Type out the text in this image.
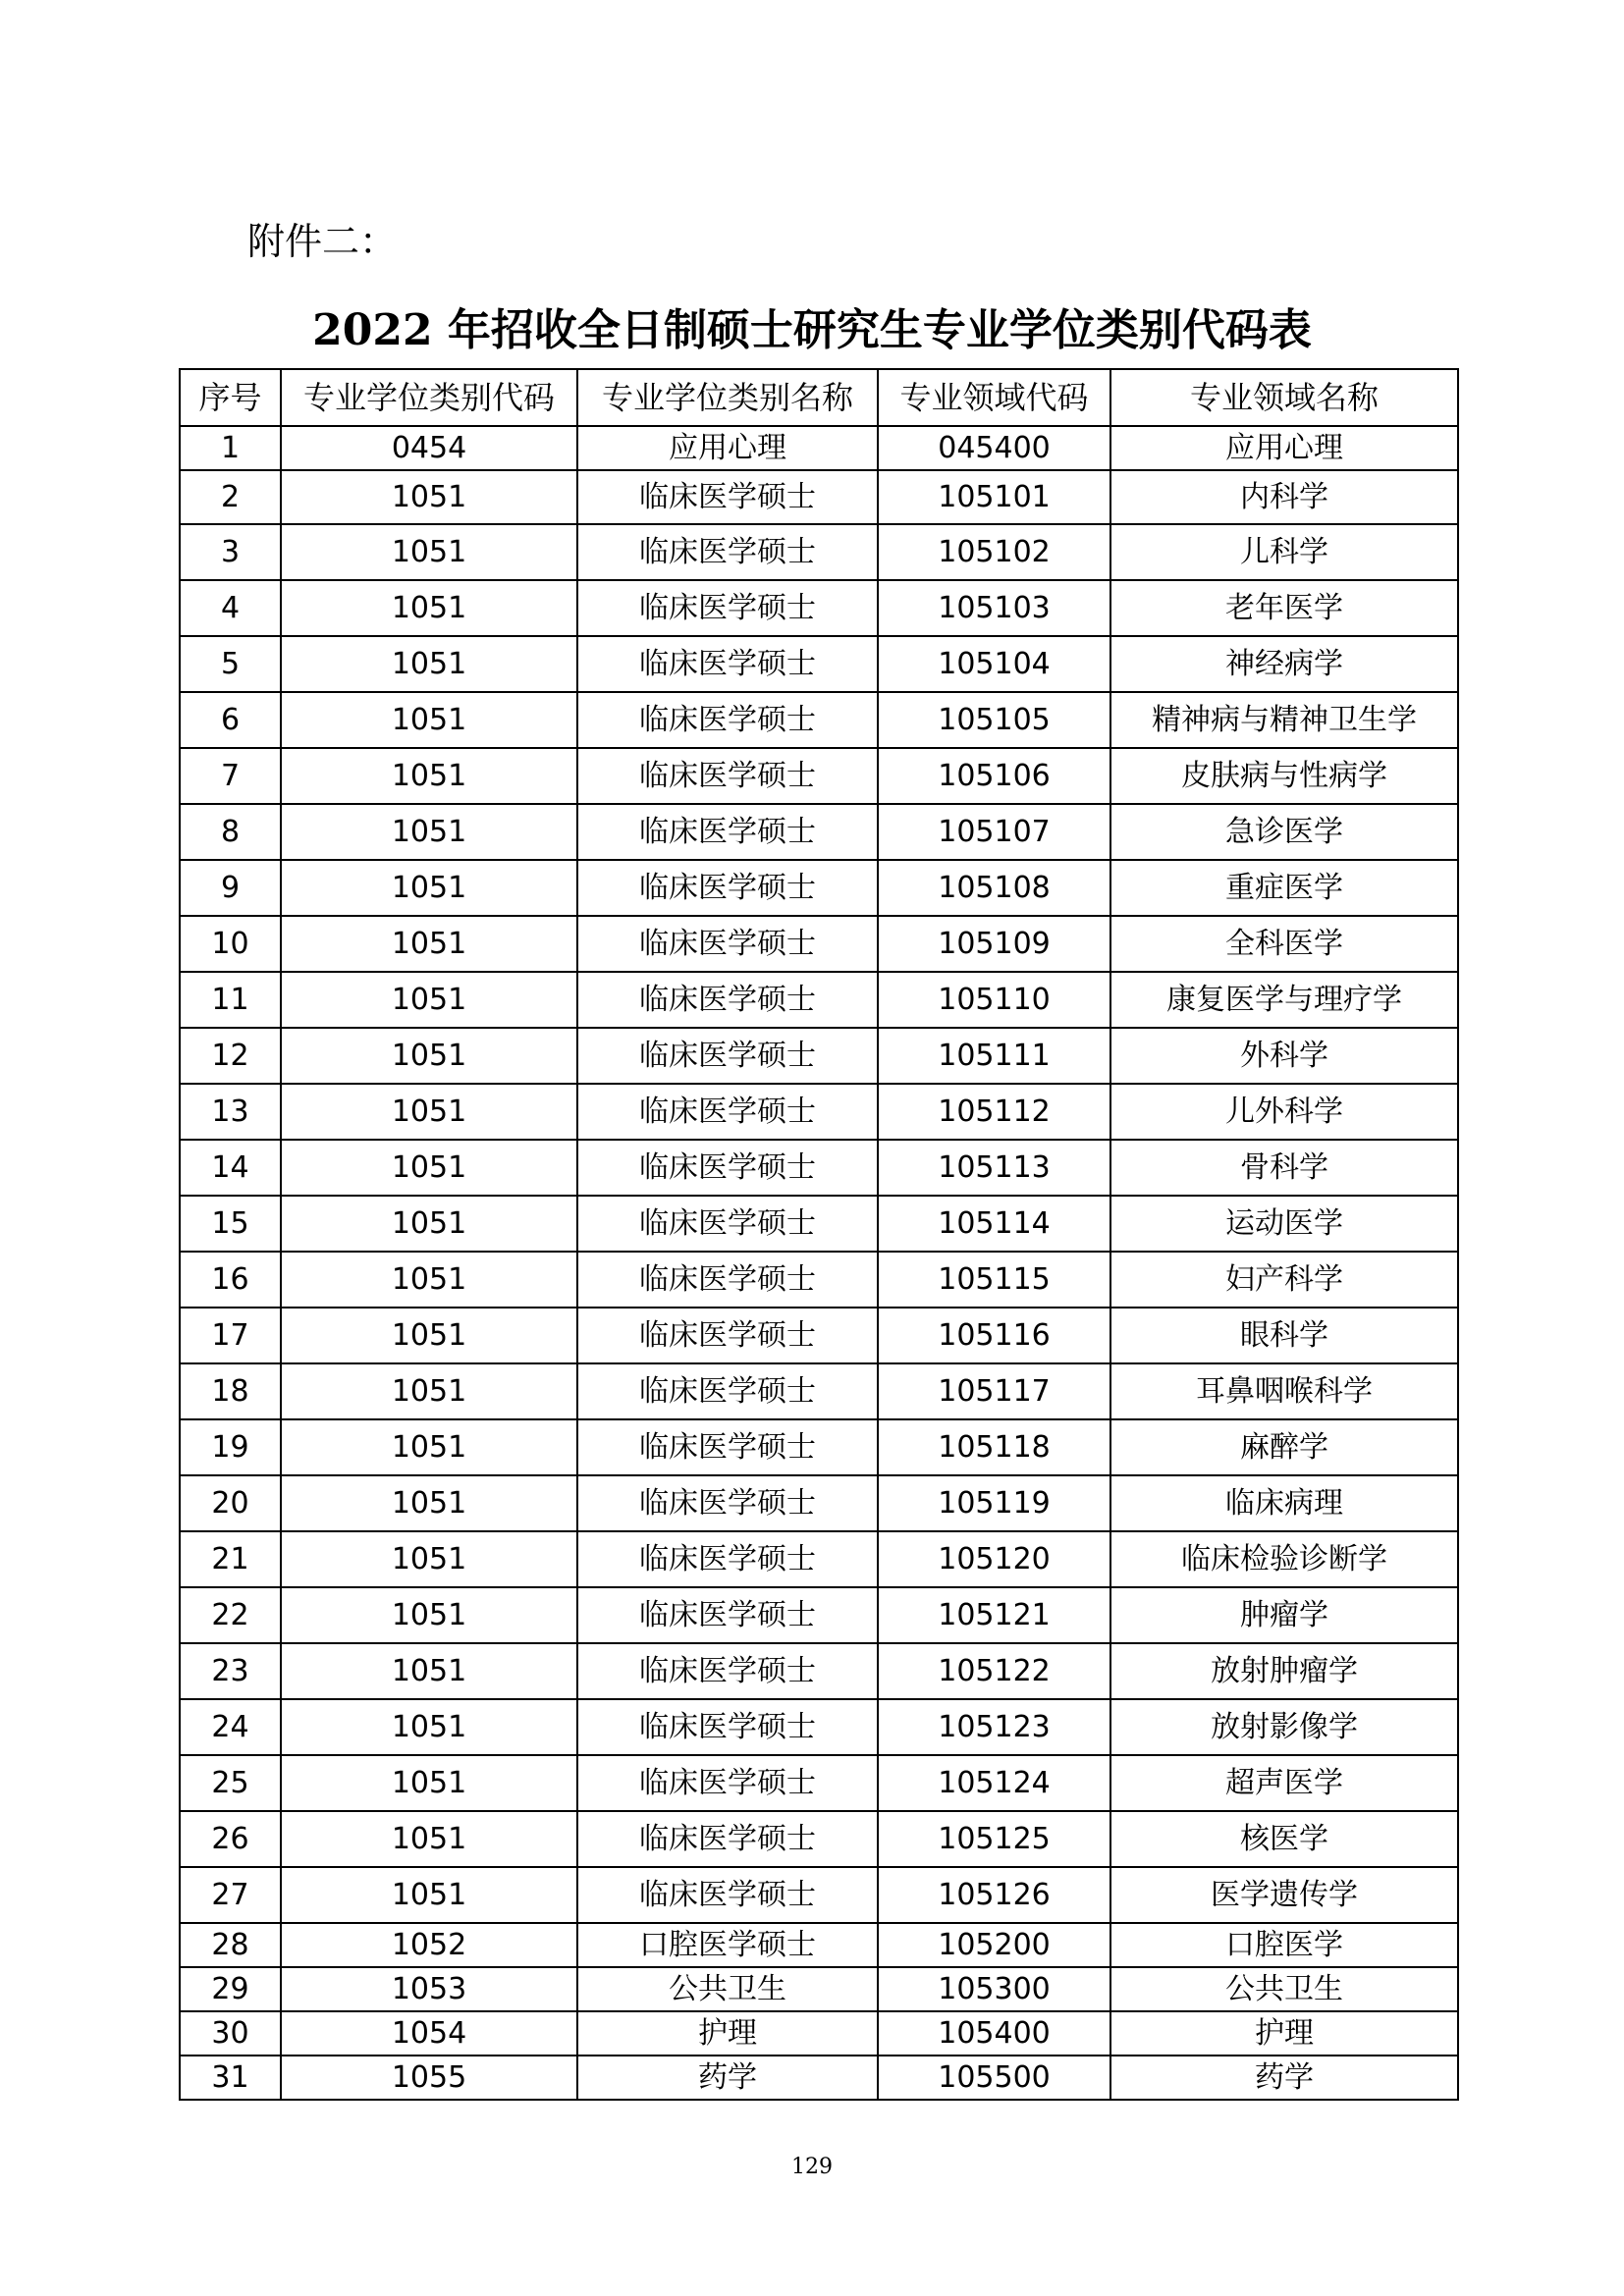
附件二：
2022 年招收全日制硕士研究生专业学位类别代码表
序号	专业学位类别代码	专业学位类别名称	专业领域代码	专业领域名称
1	0454	应用心理	045400	应用心理
2	1051	临床医学硕士	105101	内科学
3	1051	临床医学硕士	105102	儿科学
4	1051	临床医学硕士	105103	老年医学
5	1051	临床医学硕士	105104	神经病学
6	1051	临床医学硕士	105105	精神病与精神卫生学
7	1051	临床医学硕士	105106	皮肤病与性病学
8	1051	临床医学硕士	105107	急诊医学
9	1051	临床医学硕士	105108	重症医学
10	1051	临床医学硕士	105109	全科医学
11	1051	临床医学硕士	105110	康复医学与理疗学
12	1051	临床医学硕士	105111	外科学
13	1051	临床医学硕士	105112	儿外科学
14	1051	临床医学硕士	105113	骨科学
15	1051	临床医学硕士	105114	运动医学
16	1051	临床医学硕士	105115	妇产科学
17	1051	临床医学硕士	105116	眼科学
18	1051	临床医学硕士	105117	耳鼻咽喉科学
19	1051	临床医学硕士	105118	麻醉学
20	1051	临床医学硕士	105119	临床病理
21	1051	临床医学硕士	105120	临床检验诊断学
22	1051	临床医学硕士	105121	肿瘤学
23	1051	临床医学硕士	105122	放射肿瘤学
24	1051	临床医学硕士	105123	放射影像学
25	1051	临床医学硕士	105124	超声医学
26	1051	临床医学硕士	105125	核医学
27	1051	临床医学硕士	105126	医学遗传学
28	1052	口腔医学硕士	105200	口腔医学
29	1053	公共卫生	105300	公共卫生
30	1054	护理	105400	护理
31	1055	药学	105500	药学
129
